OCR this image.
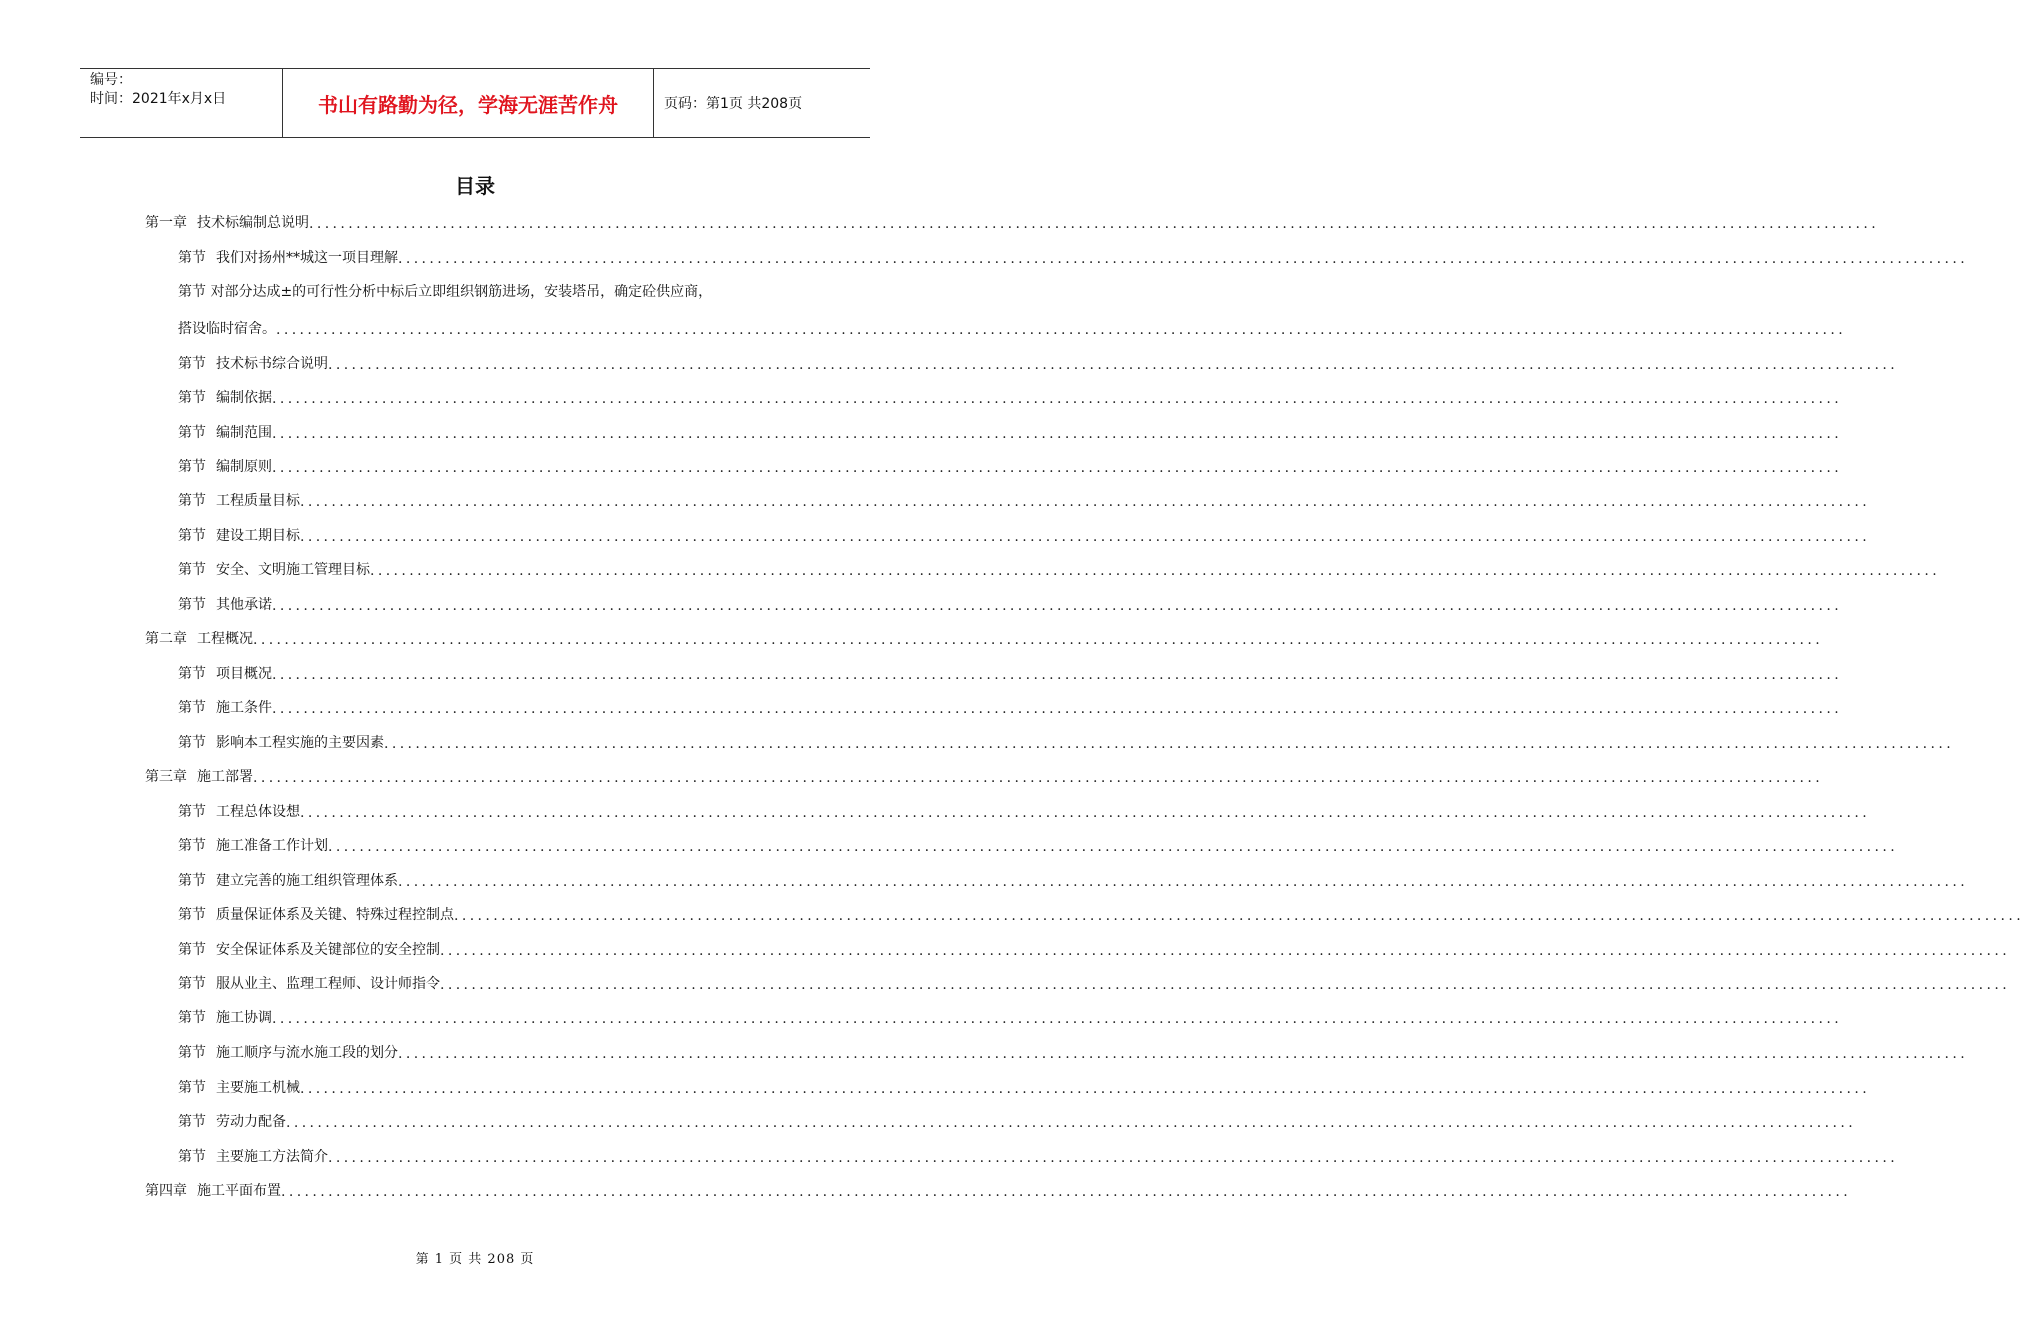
编号：
时间：2021年x月x日	书山有路勤为径，学海无涯苦作舟	页码：第1页 共208页
目录
第一章 技术标编制总说明 ........................................................................................................................................................................................................
第节 我们对扬州**城这一项目理解 ........................................................................................................................................................................................................
第节 对部分达成±的可行性分析中标后立即组织钢筋进场，安装塔吊，确定砼供应商，
搭设临时宿舍。 ........................................................................................................................................................................................................
第节 技术标书综合说明 ........................................................................................................................................................................................................
第节 编制依据 ........................................................................................................................................................................................................
第节 编制范围 ........................................................................................................................................................................................................
第节 编制原则 ........................................................................................................................................................................................................
第节 工程质量目标 ........................................................................................................................................................................................................
第节 建设工期目标 ........................................................................................................................................................................................................
第节 安全、文明施工管理目标 ........................................................................................................................................................................................................
第节 其他承诺 ........................................................................................................................................................................................................
第二章 工程概况 ........................................................................................................................................................................................................
第节 项目概况 ........................................................................................................................................................................................................
第节 施工条件 ........................................................................................................................................................................................................
第节 影响本工程实施的主要因素 ........................................................................................................................................................................................................
第三章 施工部署 ........................................................................................................................................................................................................
第节 工程总体设想 ........................................................................................................................................................................................................
第节 施工准备工作计划 ........................................................................................................................................................................................................
第节 建立完善的施工组织管理体系 ........................................................................................................................................................................................................
第节 质量保证体系及关键、特殊过程控制点 ........................................................................................................................................................................................................
第节 安全保证体系及关键部位的安全控制 ........................................................................................................................................................................................................
第节 服从业主、监理工程师、设计师指令 ........................................................................................................................................................................................................
第节 施工协调 ........................................................................................................................................................................................................
第节 施工顺序与流水施工段的划分 ........................................................................................................................................................................................................
第节 主要施工机械 ........................................................................................................................................................................................................
第节 劳动力配备 ........................................................................................................................................................................................................
第节 主要施工方法简介 ........................................................................................................................................................................................................
第四章 施工平面布置 ........................................................................................................................................................................................................
第 1 页 共 208 页
